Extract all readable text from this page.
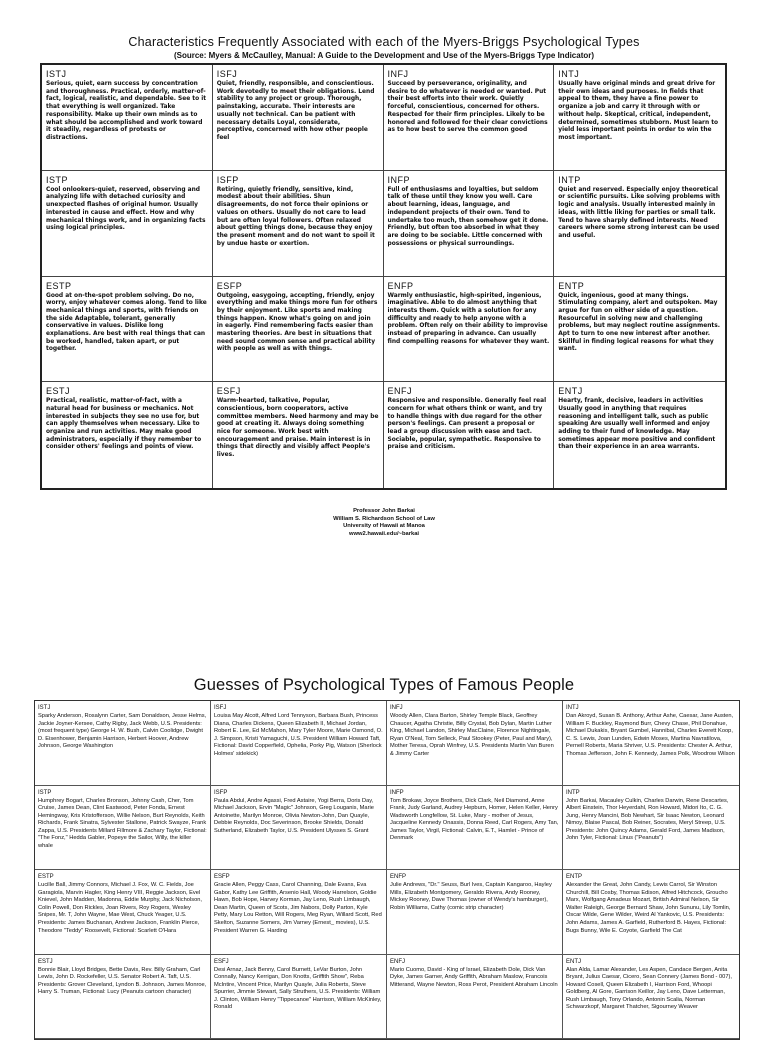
Characteristics Frequently Associated with each of the Myers-Briggs Psychological Types
(Source: Myers & McCaulley, Manual: A Guide to the Development and Use of the Myers-Briggs Type Indicator)
ISTJ
Serious, quiet, earn success by concentration and thoroughness. Practical, orderly, matter-of-fact, logical, realistic, and dependable. See to it that everything is well organized. Take responsibility. Make up their own minds as to what should be accomplished and work toward it steadily, regardless of protests or distractions.
ISFJ
Quiet, friendly, responsible, and conscientious. Work devotedly to meet their obligations. Lend stability to any project or group. Thorough, painstaking, accurate. Their interests are usually not technical. Can be patient with necessary details Loyal, considerate, perceptive, concerned with how other people feel
INFJ
Succeed by perseverance, originality, and desire to do whatever is needed or wanted. Put their best efforts into their work. Quietly forceful, conscientious, concerned for others. Respected for their firm principles. Likely to be honored and followed for their clear convictions as to how best to serve the common good
INTJ
Usually have original minds and great drive for their own ideas and purposes. In fields that appeal to them, they have a fine power to organize a job and carry it through with or without help. Skeptical, critical, independent, determined, sometimes stubborn. Must learn to yield less important points in order to win the most important.
ISTP
Cool onlookers-quiet, reserved, observing and analyzing life with detached curiosity and unexpected flashes of original humor. Usually interested in cause and effect. How and why mechanical things work, and in organizing facts using logical principles.
ISFP
Retiring, quietly friendly, sensitive, kind, modest about their abilities. Shun disagreements, do not force their opinions or values on others. Usually do not care to lead but are often loyal followers. Often relaxed about getting things done, because they enjoy the present moment and do not want to spoil it by undue haste or exertion.
INFP
Full of enthusiasms and loyalties, but seldom talk of these until they know you well. Care about learning, ideas, language, and independent projects of their own. Tend to undertake too much, then somehow get it done. Friendly, but often too absorbed in what they are doing to be sociable. Little concerned with possessions or physical surroundings.
INTP
Quiet and reserved. Especially enjoy theoretical or scientific pursuits. Like solving problems with logic and analysis. Usually interested mainly in ideas, with little liking for parties or small talk. Tend to have sharply defined interests. Need careers where some strong interest can be used and useful.
ESTP
Good at on-the-spot problem solving. Do no, worry, enjoy whatever comes along. Tend to like mechanical things and sports, with friends on the side Adaptable, tolerant, generally conservative in values. Dislike long explanations. Are best with real things that can be worked, handled, taken apart, or put together.
ESFP
Outgoing, easygoing, accepting, friendly, enjoy everything and make things more fun for others by their enjoyment. Like sports and making things happen. Know what's going on and join in eagerly. Find remembering facts easier than mastering theories. Are best in situations that need sound common sense and practical ability with people as well as with things.
ENFP
Warmly enthusiastic, high-spirited, ingenious, imaginative. Able to do almost anything that interests them. Quick with a solution for any difficulty and ready to help anyone with a problem. Often rely on their ability to improvise instead of preparing in advance. Can usually find compelling reasons for whatever they want.
ENTP
Quick, ingenious, good at many things. Stimulating company, alert and outspoken. May argue for fun on either side of a question. Resourceful in solving new and challenging problems, but may neglect routine assignments. Apt to turn to one new interest after another. Skillful in finding logical reasons for what they want.
ESTJ
Practical, realistic, matter-of-fact, with a natural head for business or mechanics. Not interested in subjects they see no use for, but can apply themselves when necessary. Like to organize and run activities. May make good administrators, especially if they remember to consider others' feelings and points of view.
ESFJ
Warm-hearted, talkative, Popular, conscientious, born cooperators, active committee members. Need harmony and may be good at creating it. Always doing something nice for someone. Work best with encouragement and praise. Main interest is in things that directly and visibly affect People's lives.
ENFJ
Responsive and responsible. Generally feel real concern for what others think or want, and try to handle things with due regard for the other person's feelings. Can present a proposal or lead a group discussion with ease and tact. Sociable, popular, sympathetic. Responsive to praise and criticism.
ENTJ
Hearty, frank, decisive, leaders in activities Usually good in anything that requires reasoning and intelligent talk, such as public speaking Are usually well informed and enjoy adding to their fund of knowledge. May sometimes appear more positive and confident than their experience in an area warrants.
Professor John Barkai
William S. Richardson School of Law
University of Hawaii at Manoa
www2.hawaii.edu/~barkai
Guesses of Psychological Types of Famous People
ISTJ
Sparky Anderson, Rosalynn Carter, Sam Donaldson, Jesse Helms, Jackie Joyner-Kersee, Cathy Rigby, Jack Webb, U.S. Presidents: (most frequent type) George H. W. Bush, Calvin Coolidge, Dwight D. Eisenhower, Benjamin Harrison, Herbert Hoover, Andrew Johnson, George Washington
ISFJ
Louisa May Alcott, Alfred Lord Tennyson, Barbara Bush, Princess Diana, Charles Dickens, Queen Elizabeth II, Michael Jordan, Robert E. Lee, Ed McMahon, Mary Tyler Moore, Marie Osmond, O. J. Simpson, Kristi Yamaguchi, U.S. President William Howard Taft, Fictional: David Copperfield, Ophelia, Porky Pig, Watson (Sherlock Holmes' sidekick)
INFJ
Woody Allen, Clara Barton, Shirley Temple Black, Geoffrey Chaucer, Agatha Christie, Billy Crystal, Bob Dylan, Martin Luther King, Michael Landon, Shirley MacClaine, Florence Nightingale, Ryan O'Neal, Tom Selleck, Paul Stookey (Peter, Paul and Mary), Mother Teresa, Oprah Winfrey, U.S. Presidents Martin Van Buren & Jimmy Carter
INTJ
Dan Akroyd, Susan B. Anthony, Arthur Ashe, Caesar, Jane Austen, William F. Buckley, Raymond Burr, Chevy Chase, Phil Donahue, Michael Dukakis, Bryant Gumbel, Hannibal, Charles Everett Koop, C. S. Lewis, Joan Lunden, Edwin Moses, Martina Navratilova, Pernell Roberts, Maria Shriver, U.S. Presidents: Chester A. Arthur, Thomas Jefferson, John F. Kennedy, James Polk, Woodrow Wilson
ISTP
Humphrey Bogart, Charles Bronson, Johnny Cash, Cher, Tom Cruise, James Dean, Clint Eastwood, Peter Fonda, Ernest Hemingway, Kris Kristofferson, Willie Nelson, Burt Reynolds, Keith Richards, Frank Sinatra, Sylvester Stallone, Patrick Swayze, Frank Zappa, U.S. Presidents Millard Fillmore & Zachary Taylor, Fictional: "The Fonz," Hedda Gabler, Popeye the Sailor, Willy, the killer whale
ISFP
Paula Abdul, Andre Agassi, Fred Astaire, Yogi Berra, Doris Day, Michael Jackson, Ervin "Magic" Johnson, Greg Louganis, Marie Antoinette, Marilyn Monroe, Olivia Newton-John, Dan Quayle, Debbie Reynolds, Doc Severinson, Brooke Shields, Donald Sutherland, Elizabeth Taylor, U.S. President Ulysses S. Grant
INFP
Tom Brokaw, Joyce Brothers, Dick Clark, Neil Diamond, Anne Frank, Judy Garland, Audrey Hepburn, Homer, Helen Keller, Henry Wadsworth Longfellow, St. Luke, Mary - mother of Jesus, Jacqueline Kennedy Onassis, Donna Reed, Carl Rogers, Amy Tan, James Taylor, Virgil, Fictional: Calvin, E.T., Hamlet - Prince of Denmark
INTP
John Barkai, Macauley Culkin, Charles Darwin, Rene Descartes, Albert Einstein, Thor Heyerdahl, Ron Howard, Midori Ito, C. G. Jung, Henry Mancini, Bob Newhart, Sir Isaac Newton, Leonard Nimoy, Blaise Pascal, Bob Reiner, Socrates, Meryl Streep, U.S. Presidents: John Quincy Adams, Gerald Ford, James Madison, John Tyler, Fictional: Linus ("Peanuts")
ESTP
Lucille Ball, Jimmy Connors, Michael J. Fox, W. C. Fields, Joe Garagiola, Marvin Hagler, King Henry VIII, Reggie Jackson, Evel Knievel, John Madden, Madonna, Eddie Murphy, Jack Nicholson, Colin Powell, Don Rickles, Joan Rivers, Roy Rogers, Wesley Snipes, Mr. T, John Wayne, Mae West, Chuck Yeager, U.S. Presidents: James Buchanan, Andrew Jackson, Franklin Pierce, Theodore "Teddy" Roosevelt, Fictional: Scarlett O'Hara
ESFP
Gracie Allen, Peggy Cass, Carol Channing, Dale Evans, Eva Gabor, Kathy Lee Griffith, Arsenio Hall, Woody Harrelson, Goldie Hawn, Bob Hope, Harvey Korman, Jay Leno, Rush Limbaugh, Dean Martin, Queen of Scots, Jim Nabors, Dolly Parton, Kyle Petty, Mary Lou Retton, Will Rogers, Meg Ryan, Willard Scott, Red Skelton, Suzanne Somers, Jim Varney (Ernest_ movies), U.S. President Warren G. Harding
ENFP
Julie Andrews, "Dr." Seuss, Burl Ives, Captain Kangaroo, Hayley Mills, Elizabeth Montgomery, Geraldo Rivera, Andy Rooney, Mickey Rooney, Dave Thomas (owner of Wendy's hamburger), Robin Williams, Cathy (comic strip character)
ENTP
Alexander the Great, John Candy, Lewis Carrol, Sir Winston Churchill, Bill Cosby, Thomas Edison, Alfred Hitchcock, Groucho Marx, Wolfgang Amadeus Mozart, British Admiral Nelson, Sir Walter Raleigh, George Bernard Shaw, John Sununu, Lily Tomlin, Oscar Wilde, Gene Wilder, Weird Al Yankovic, U.S. Presidents: John Adams, James A. Garfield, Rutherford B. Hayes, Fictional: Bugs Bunny, Wile E. Coyote, Garfield The Cat
ESTJ
Bonnie Blair, Lloyd Bridges, Bette Davis, Rev. Billy Graham, Carl Lewis, John D. Rockefeller, U.S. Senator Robert A. Taft, U.S. Presidents: Grover Cleveland, Lyndon B. Johnson, James Monroe, Harry S. Truman, Fictional: Lucy (Peanuts cartoon character)
ESFJ
Desi Arnaz, Jack Benny, Carol Burnett, LeVar Burton, John Connally, Nancy Kerrigan, Don Knotts, Griffith Show", Reba McIntire, Vincent Price, Marilyn Quayle, Julia Roberts, Steve Spurrier, Jimmie Stewart, Sally Struthers, U.S. Presidents: William J. Clinton, William Henry "Tippecanoe" Harrison, William McKinley, Ronald
ENFJ
Mario Cuomo, David - King of Israel, Elizabeth Dole, Dick Van Dyke, James Garner, Andy Griffith, Abraham Maslow, Francois Mitterand, Wayne Newton, Ross Perot, President Abraham Lincoln
ENTJ
Alan Alda, Lamar Alexander, Les Aspen, Candace Bergen, Anita Bryant, Julius Caesar, Cicero, Sean Connery (James Bond - 007), Howard Cosell, Queen Elizabeth I, Harrison Ford, Whoopi Goldberg, Al Gore, Garrison Keillor, Jay Leno, Dave Letterman, Rush Limbaugh, Tony Orlando, Antonin Scalia, Norman Schwarzkopf, Margaret Thatcher, Sigourney Weaver
